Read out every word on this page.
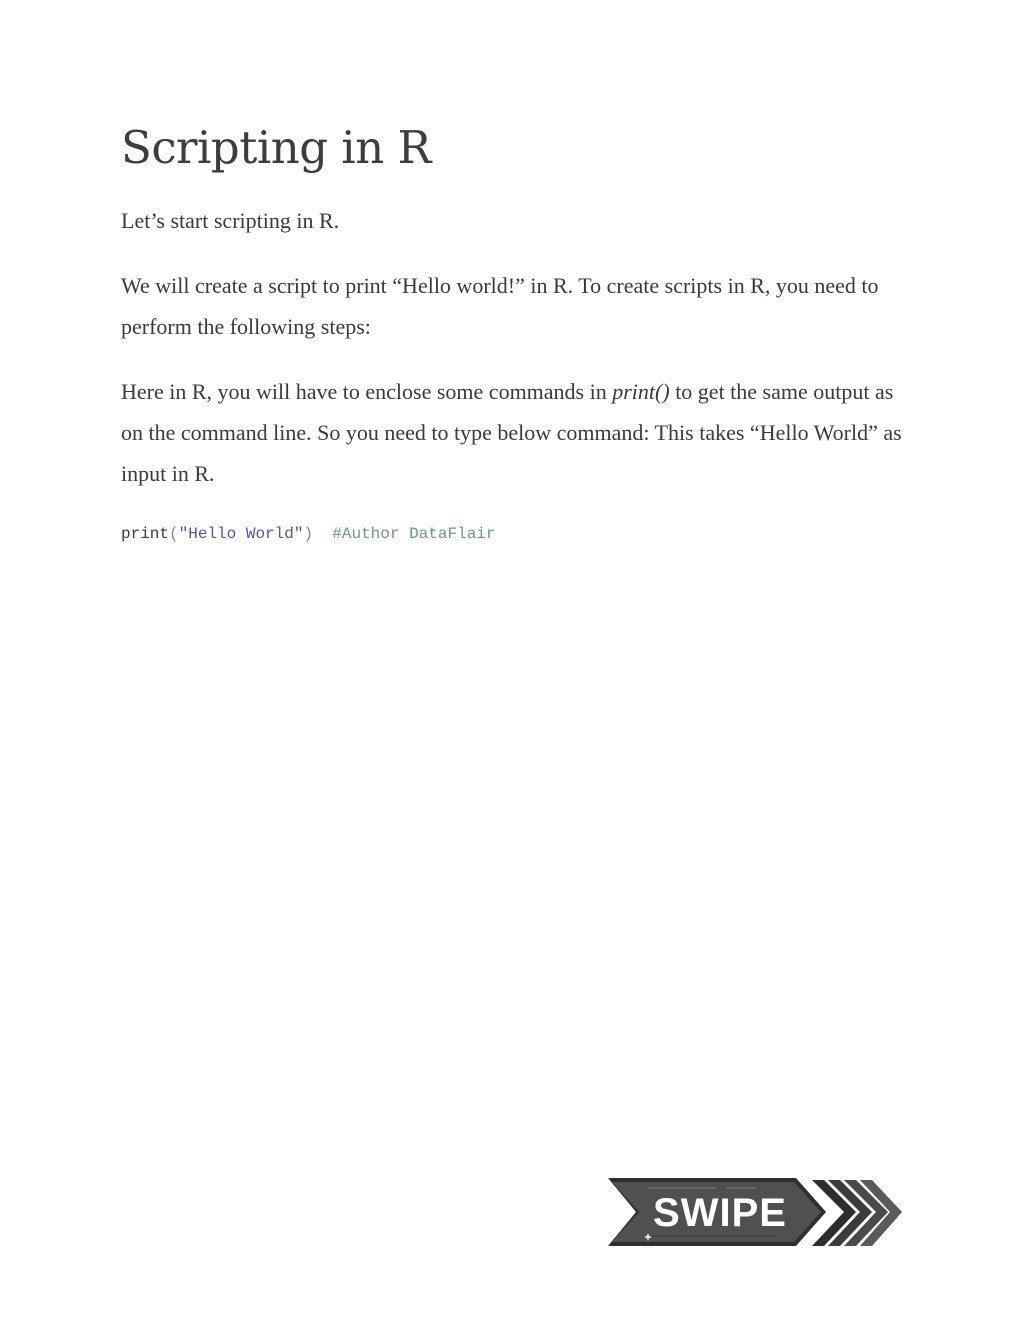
Scripting in R

Let’s start scripting in R.

We will create a script to print “Hello world!” in R. To create scripts in R, you need to perform the following steps:

Here in R, you will have to enclose some commands in print() to get the same output as on the command line. So you need to type below command: This takes “Hello World” as input in R.

print("Hello World") #Author DataFlair
SWIPE
